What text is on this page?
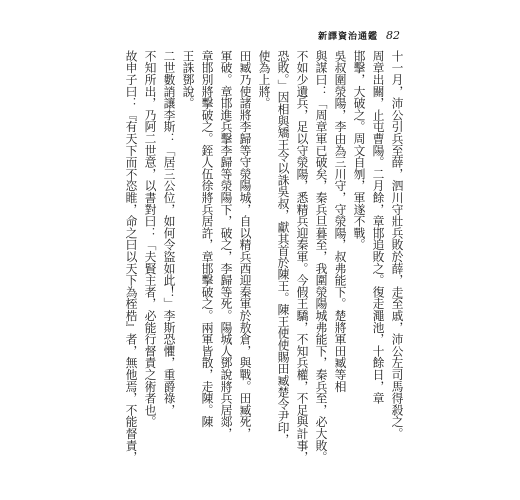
新譯資治通鑑 82
十一月，沛公引兵至薛，泗川守壯兵敗於薛，走至戚，沛公左司馬得殺之。
周章出關，止屯曹陽。二月餘，章邯追敗之。復走澠池，十餘日，章
邯擊，大破之。周文自刎，軍遂不戰。
吳叔圍滎陽，李由為三川守，守滎陽，叔弗能下。楚將軍田臧等相
與謀曰：「周章軍已破矣，秦兵旦暮至，我圍滎陽城弗能下，秦兵至，必大敗。
不如少遺兵，足以守滎陽，悉精兵迎秦軍。今假王驕，不知兵權，不足與計事，
恐敗。」因相與矯王令以誅吳叔，獻其首於陳王。陳王使使賜田臧楚令尹印，
使為上將。
田臧乃使諸將李歸等守滎陽城，自以精兵西迎秦軍於敖倉，與戰。田臧死，
軍破。章邯進兵擊李歸等滎陽下，破之，李歸等死。陽城人鄧說將兵居郯，
章邯別將擊破之。銍人伍徐將兵居許，章邯擊破之。兩軍皆散，走陳。陳
王誅鄧說。
二世數誚讓李斯：「居三公位，如何令盜如此！」李斯恐懼，重爵祿，
不知所出，乃阿二世意，以書對曰：「夫賢主者，必能行督責之術者也。
故申子曰：『有天下而不恣睢，命之曰以天下為桎梏』者，無他焉，不能督責，
